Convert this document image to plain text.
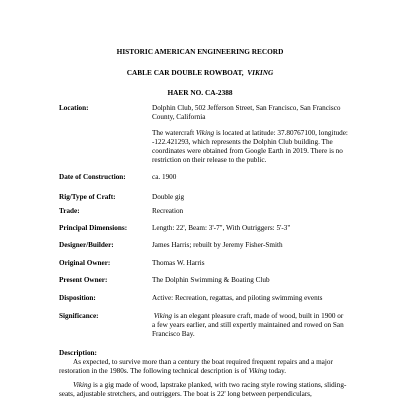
HISTORIC AMERICAN ENGINEERING RECORD
CABLE CAR DOUBLE ROWBOAT, VIKING
HAER NO. CA-2388
Location:	Dolphin Club, 502 Jefferson Street, San Francisco, San Francisco County, California
The watercraft Viking is located at latitude: 37.80767100, longitude: -122.421293, which represents the Dolphin Club building. The coordinates were obtained from Google Earth in 2019. There is no restriction on their release to the public.
Date of Construction:	ca. 1900
Rig/Type of Craft:	Double gig
Trade:	Recreation
Principal Dimensions:	Length: 22', Beam: 3'-7", With Outriggers: 5'-3"
Designer/Builder:	James Harris; rebuilt by Jeremy Fisher-Smith
Original Owner:	Thomas W. Harris
Present Owner:	The Dolphin Swimming & Boating Club
Disposition:	Active: Recreation, regattas, and piloting swimming events
Significance:	Viking is an elegant pleasure craft, made of wood, built in 1900 or a few years earlier, and still expertly maintained and rowed on San Francisco Bay.
Description:
As expected, to survive more than a century the boat required frequent repairs and a major restoration in the 1980s. The following technical description is of Viking today.
Viking is a gig made of wood, lapstrake planked, with two racing style rowing stations, sliding-seats, adjustable stretchers, and outriggers. The boat is 22' long between perpendiculars,
